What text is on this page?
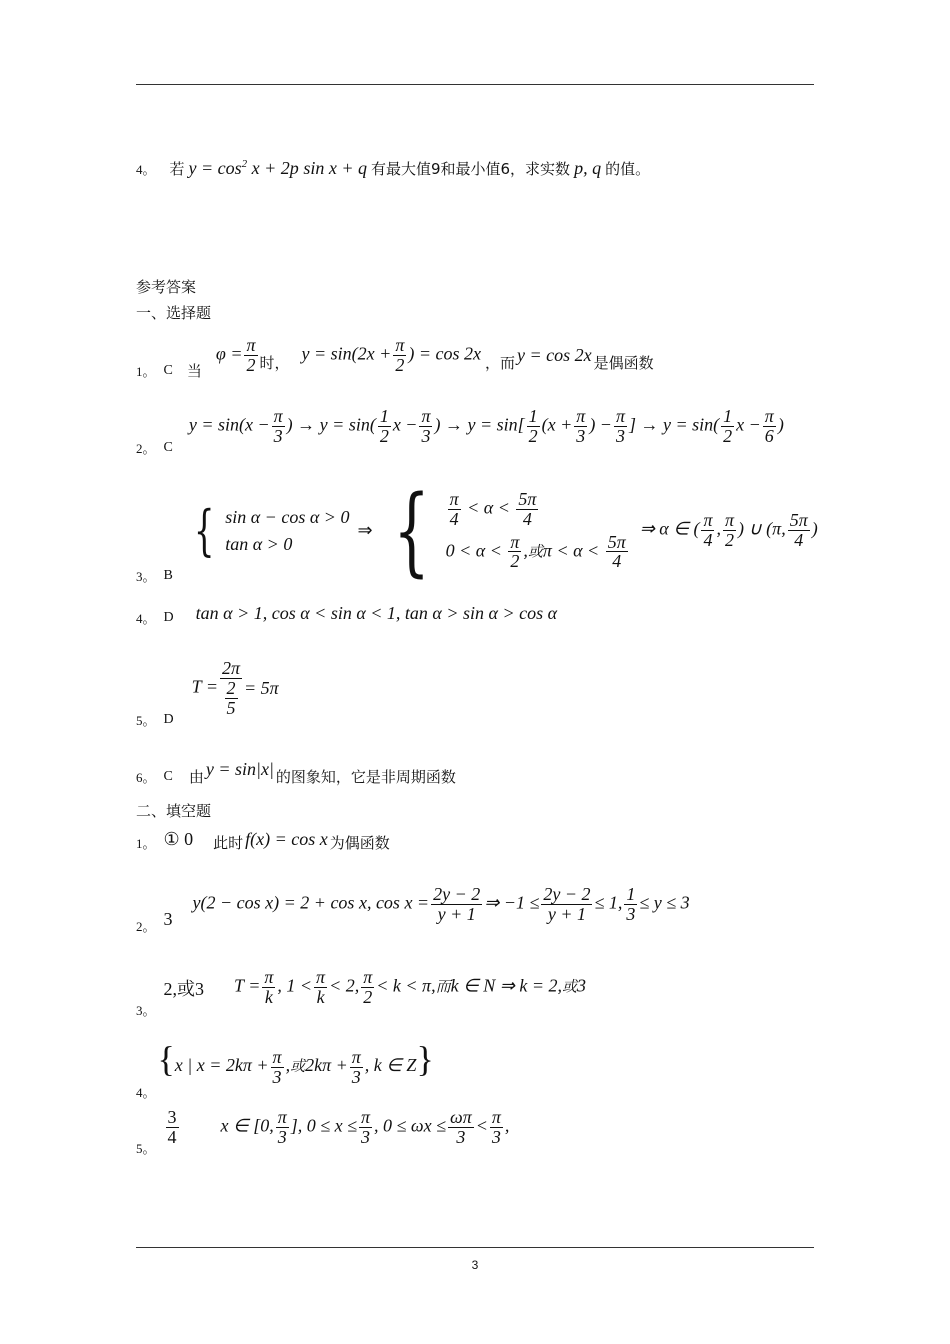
4。 若 $y = \cos^2 x + 2p$ sin x + q 有最大值9和最小值6，求实数 p, q 的值。
参考答案
一、选择题
1。 C 当
$\varphi = \frac{\pi}{2}$ 时， $y = \sin(2x + \frac{\pi}{2}$ ) = cos 2x ，而 y = cos 2x 是偶函数
2。 C
$y = \sin(x - \frac{\pi}{3}$ ) → $y = \sin( \frac{1}{2}$ $x - \frac{\pi}{3}$ ) → $y = \sin[ \frac{1}{2} (x + \frac{\pi}{3}$ ) − $\frac{\pi}{3}$ ] → $y = \sin( \frac{1}{2}$ $x - \frac{\pi}{6}$ )
3。 B
{ sin α − cos α > 0
tan α > 0
⇒ { $\frac{\pi}{4} < \alpha < \frac{5\pi}{4}$
$0 < \alpha < \frac{\pi}{2}$ ,或$\pi < \alpha < \frac{5\pi}{4}$
⇒ α ∈ ( $\frac{\pi}{4}$ , $\frac{\pi}{2}$ ) ∪ (π, $\frac{5\pi}{4}$ )
4。 D tan α > 1, cos α < sin α < 1, tan α > sin α > cos α
5。 D
$T = \frac{2\pi}{\frac{2}{5}} = 5\pi$
6。 C 由 y = sin|x| 的图象知，它是非周期函数
二、填空题
1。 ① 0 此时 f(x) = cos x 为偶函数
2。 3
y(2 − cos x) = 2 + cos x, $\cos x = \frac{2y - 2}{y + 1}$ ⇒ $-1 \le \frac{2y - 2}{y + 1} \le 1$, $\frac{1}{3} \le y \le 3$
3。
2,或3 $T = \frac{\pi}{k}$ , $1 < \frac{\pi}{k} < 2$, $\frac{\pi}{2} < k < \pi$,而k ∈ N ⇒ k = 2,或3
4。
{x | $x = 2k\pi + \frac{\pi}{3}$ ,或$2k\pi + \frac{\pi}{3}$ , k ∈ Z}
5。
$\frac{3}{4}$ x ∈ [0, $\frac{\pi}{3}$ ], $0 \le x \le \frac{\pi}{3}$ , $0 \le \omega x \le \frac{\omega\pi}{3} < \frac{\pi}{3}$ ,
3
